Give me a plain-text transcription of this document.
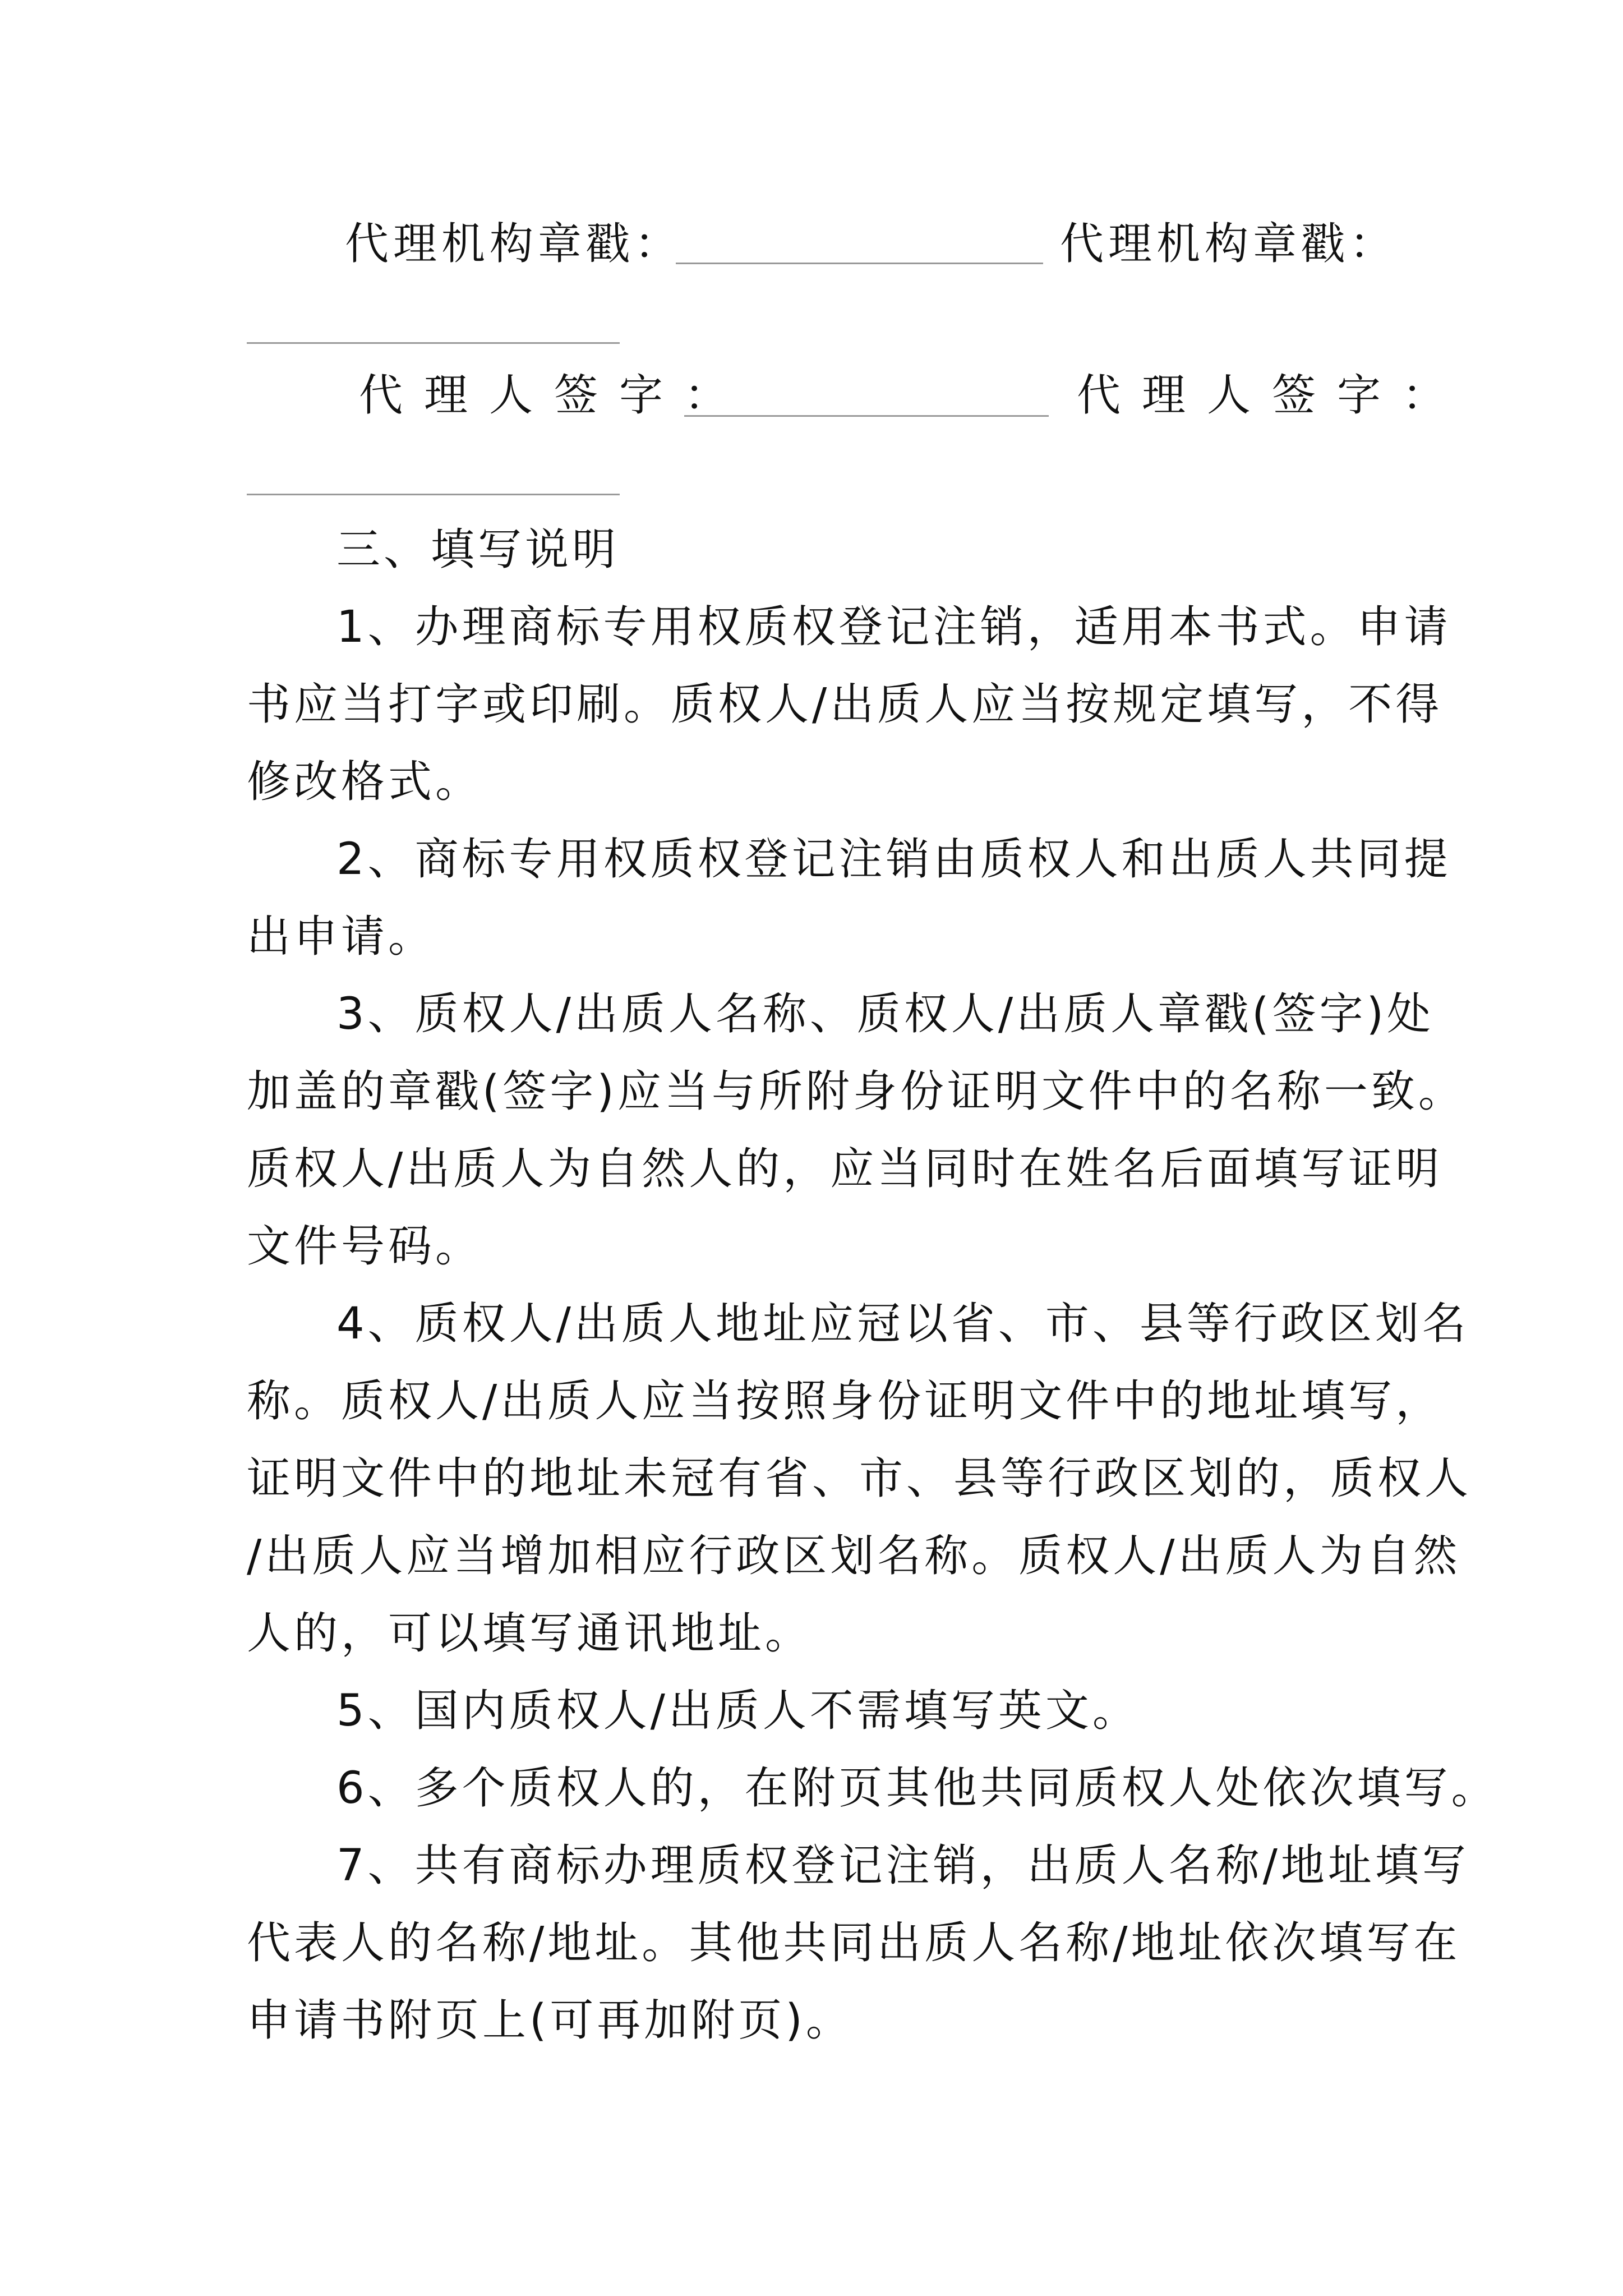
代理机构章戳：	代理机构章戳：
代理人签字：	代理人签字：
三、填写说明
1、办理商标专用权质权登记注销，适用本书式。申请
书应当打字或印刷。质权人/出质人应当按规定填写，不得
修改格式。
2、商标专用权质权登记注销由质权人和出质人共同提
出申请。
3、质权人/出质人名称、质权人/出质人章戳(签字)处
加盖的章戳(签字)应当与所附身份证明文件中的名称一致。
质权人/出质人为自然人的，应当同时在姓名后面填写证明
文件号码。
4、质权人/出质人地址应冠以省、市、县等行政区划名
称。质权人/出质人应当按照身份证明文件中的地址填写，
证明文件中的地址未冠有省、市、县等行政区划的，质权人
/出质人应当增加相应行政区划名称。质权人/出质人为自然
人的，可以填写通讯地址。
5、国内质权人/出质人不需填写英文。
6、多个质权人的，在附页其他共同质权人处依次填写。
7、共有商标办理质权登记注销，出质人名称/地址填写
代表人的名称/地址。其他共同出质人名称/地址依次填写在
申请书附页上(可再加附页)。
